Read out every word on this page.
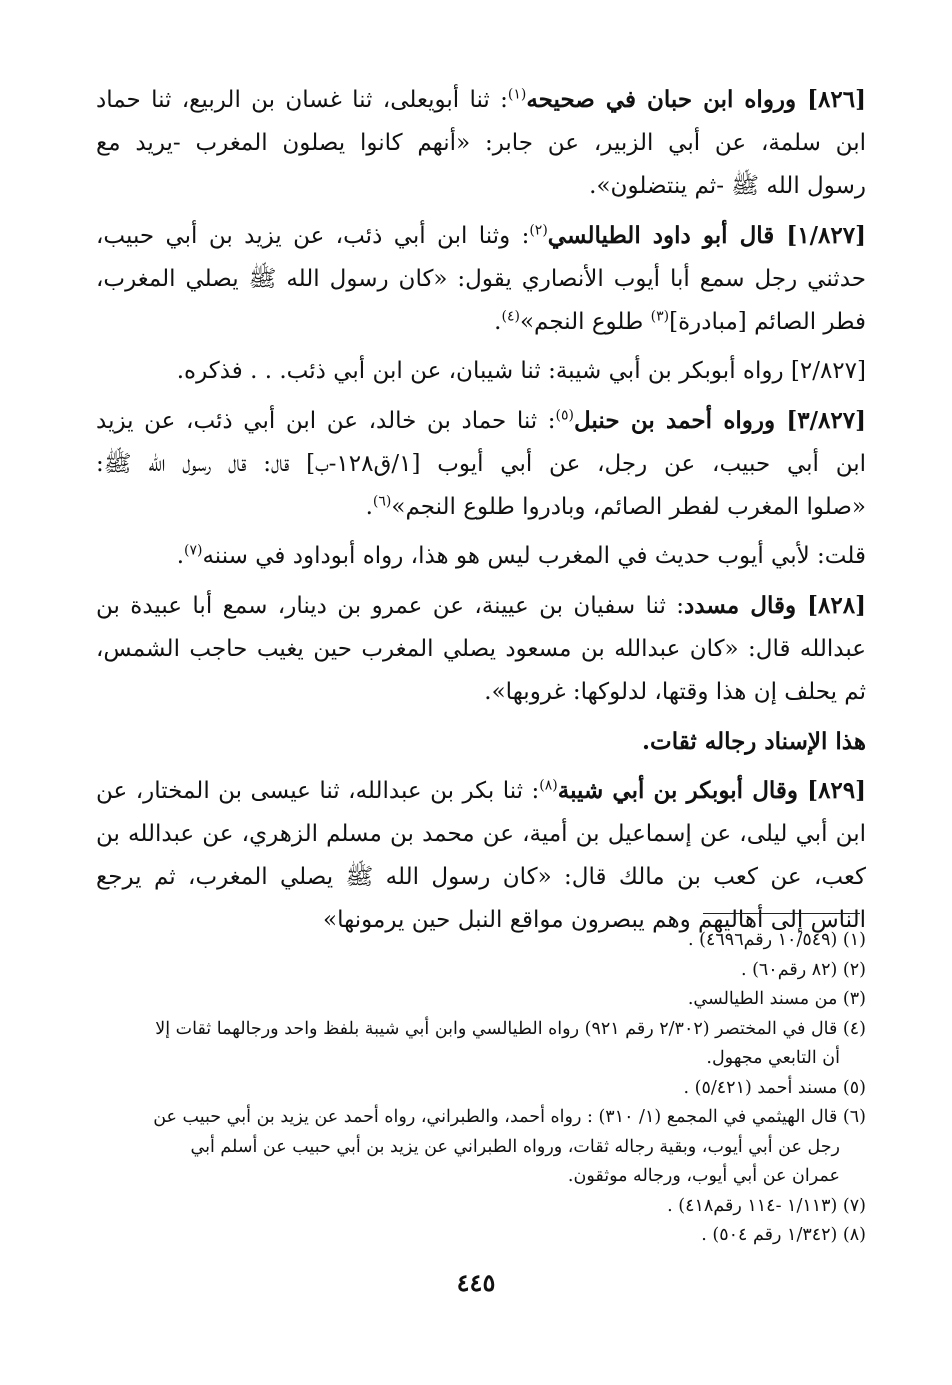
[٨٢٦] ورواه ابن حبان في صحيحه$^{(١)}$: ثنا أبويعلى، ثنا غسان بن الربيع، ثنا حماد
ابن سلمة، عن أبي الزبير، عن جابر: «أنهم كانوا يصلون المغرب -يريد مع
رسول الله ﷺ -ثم ينتضلون».
[١/٨٢٧] قال أبو داود الطيالسي$^{(٢)}$: وثنا ابن أبي ذئب، عن يزيد بن أبي حبيب،
حدثني رجل سمع أبا أيوب الأنصاري يقول: «كان رسول الله ﷺ يصلي المغرب،
فطر الصائم [مبادرة]$^{(٣)}$ طلوع النجم»$^{(٤)}$.
[٢/٨٢٧] رواه أبوبكر بن أبي شيبة: ثنا شيبان، عن ابن أبي ذئب. . . فذكره.
[٣/٨٢٧] ورواه أحمد بن حنبل$^{(٥)}$: ثنا حماد بن خالد، عن ابن أبي ذئب، عن يزيد
ابن أبي حبيب، عن رجل، عن أبي أيوب [١/ق١٢٨-ب] قال: قال رسول الله ﷺ:
«صلوا المغرب لفطر الصائم، وبادروا طلوع النجم»$^{(٦)}$.
قلت: لأبي أيوب حديث في المغرب ليس هو هذا، رواه أبوداود في سننه$^{(٧)}$.
[٨٢٨] وقال مسدد: ثنا سفيان بن عيينة، عن عمرو بن دينار، سمع أبا عبيدة بن
عبدالله قال: «كان عبدالله بن مسعود يصلي المغرب حين يغيب حاجب الشمس،
ثم يحلف إن هذا وقتها، لدلوكها: غروبها».
هذا الإسناد رجاله ثقات.
[٨٢٩] وقال أبوبكر بن أبي شيبة$^{(٨)}$: ثنا بكر بن عبدالله، ثنا عيسى بن المختار، عن
ابن أبي ليلى، عن إسماعيل بن أمية، عن محمد بن مسلم الزهري، عن عبدالله بن
كعب، عن كعب بن مالك قال: «كان رسول الله ﷺ يصلي المغرب، ثم يرجع
الناس إلى أهاليهم وهم يبصرون مواقع النبل حين يرمونها»
(١) (١٠/٥٤٩ رقم٤٦٩٦) .
(٢) (٨٢ رقم٦٠) .
(٣) من مسند الطيالسي.
(٤) قال في المختصر (٢/٣٠٢ رقم ٩٢١) رواه الطيالسي وابن أبي شيبة بلفظ واحد ورجالهما ثقات إلا
أن التابعي مجهول.
(٥) مسند أحمد (٥/٤٢١) .
(٦) قال الهيثمي في المجمع (١/ ٣١٠) : رواه أحمد، والطبراني، رواه أحمد عن يزيد بن أبي حبيب عن
رجل عن أبي أيوب، وبقية رجاله ثقات، ورواه الطبراني عن يزيد بن أبي حبيب عن أسلم أبي
عمران عن أبي أيوب، ورجاله موثقون.
(٧) (١/١١٣ -١١٤ رقم٤١٨) .
(٨) (١/٣٤٢ رقم ٥٠٤) .
٤٤٥
